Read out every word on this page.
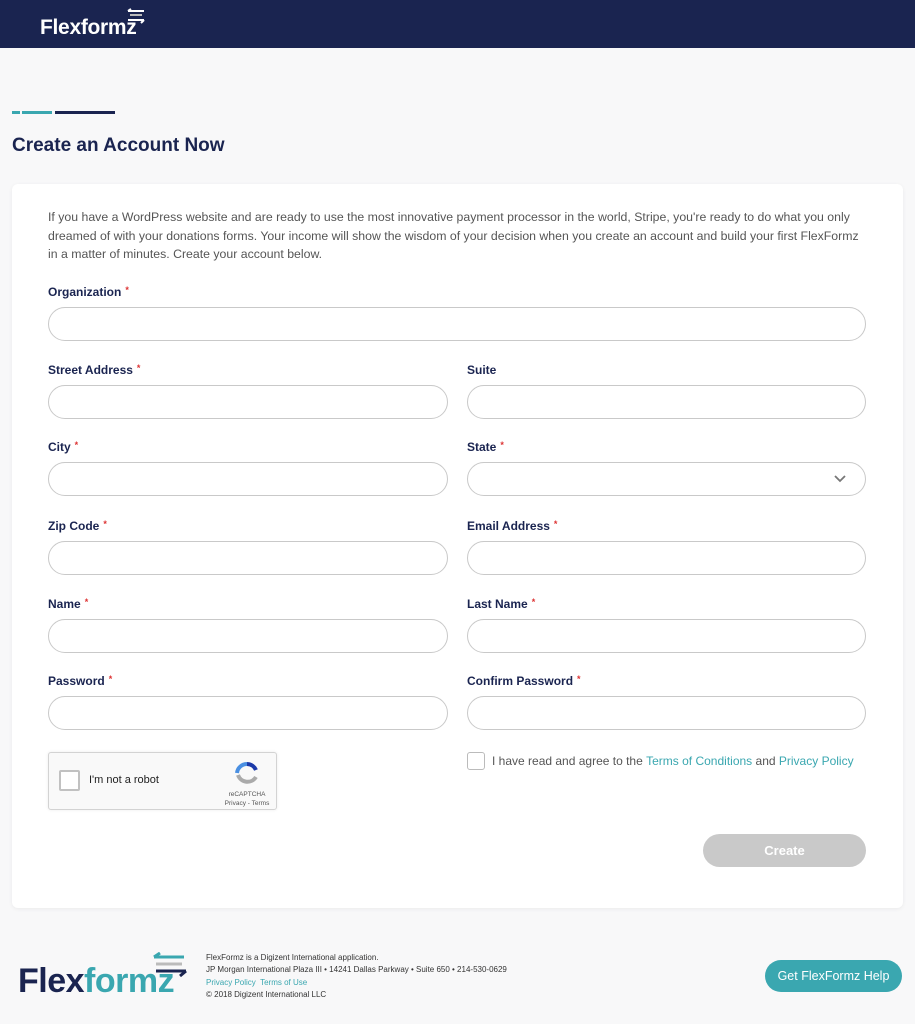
Flexformz
Create an Account Now

If you have a WordPress website and are ready to use the most innovative payment processor in the world, Stripe, you're ready to do what you only dreamed of with your donations forms. Your income will show the wisdom of your decision when you create an account and build your first FlexFormz in a matter of minutes. Create your account below.

Organization *
Street Address *	Suite
City *	State *
Zip Code *	Email Address *
Name *	Last Name *
Password *	Confirm Password *
I'm not a robot
reCAPTCHA
Privacy - Terms
I have read and agree to the
Terms of Conditions
and
Privacy Policy
Create
Flexformz
FlexFormz is a Digizent International application.
JP Morgan International Plaza III • 14241 Dallas Parkway • Suite 650 • 214-530-0629
Privacy Policy Terms of Use
© 2018 Digizent International LLC
Get FlexFormz Help
